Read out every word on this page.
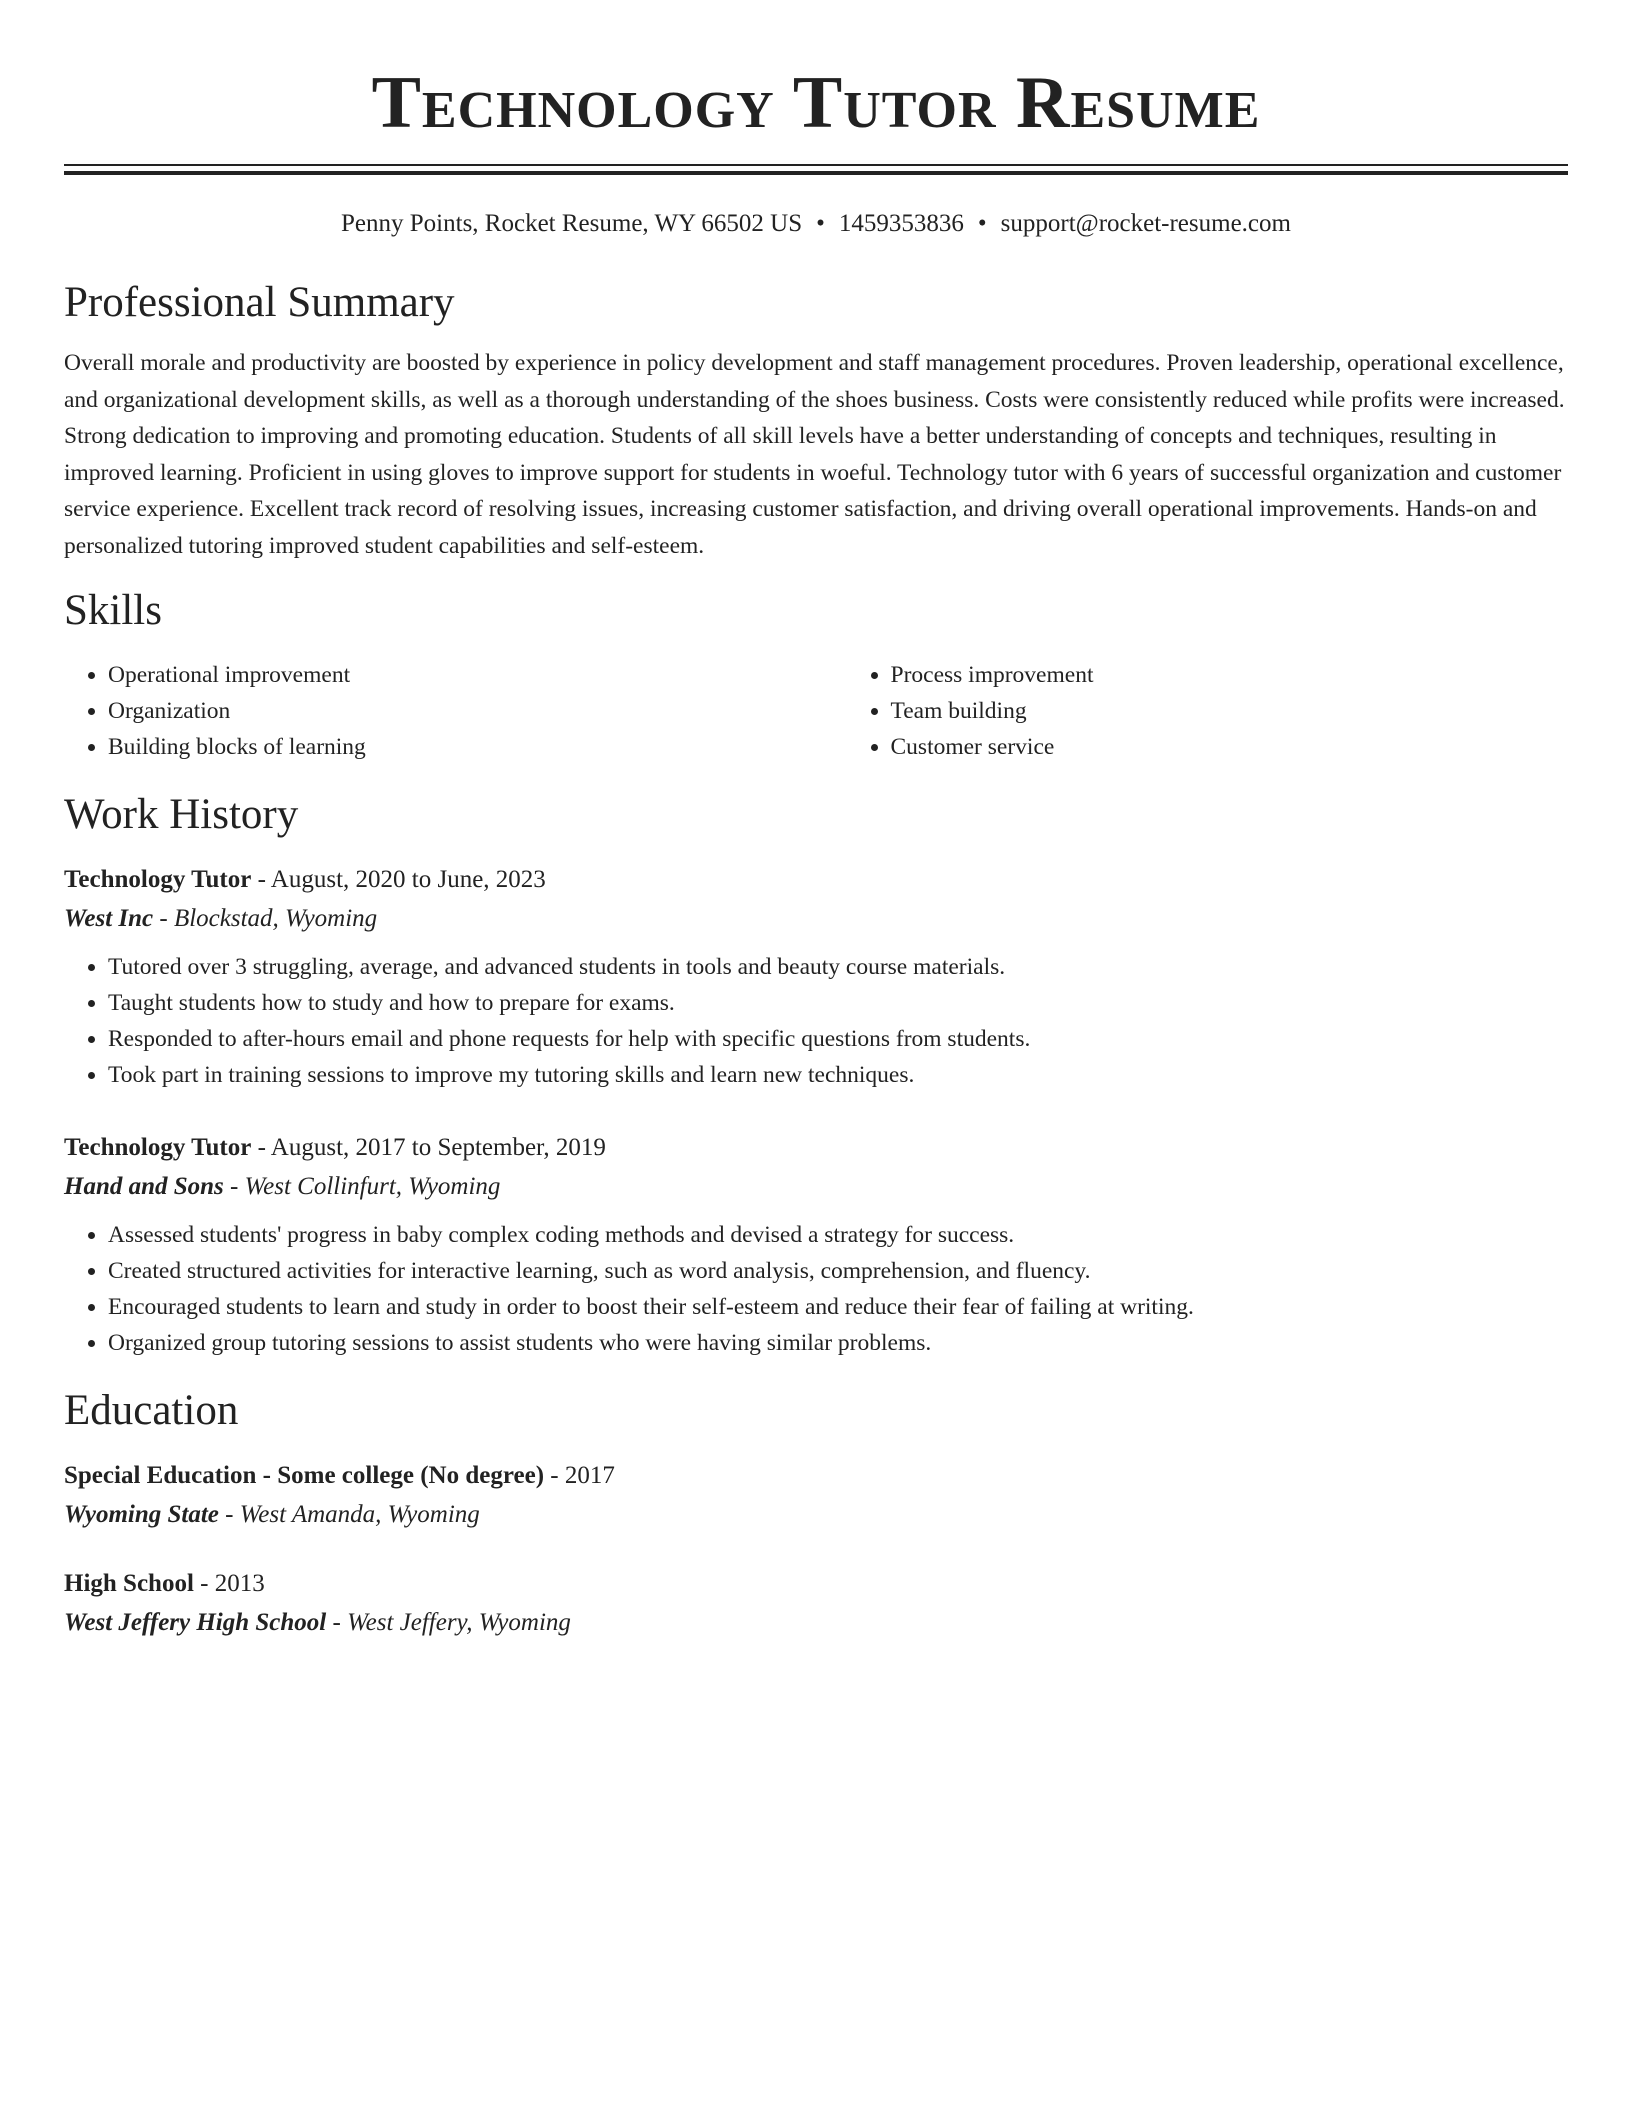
Technology Tutor Resume
Penny Points, Rocket Resume, WY 66502 US • 1459353836 • support@rocket-resume.com
Professional Summary

Overall morale and productivity are boosted by experience in policy development and staff management procedures. Proven leadership, operational excellence, and organizational development skills, as well as a thorough understanding of the shoes business. Costs were consistently reduced while profits were increased. Strong dedication to improving and promoting education. Students of all skill levels have a better understanding of concepts and techniques, resulting in improved learning. Proficient in using gloves to improve support for students in woeful. Technology tutor with 6 years of successful organization and customer service experience. Excellent track record of resolving issues, increasing customer satisfaction, and driving overall operational improvements. Hands-on and personalized tutoring improved student capabilities and self-esteem.

Skills
• Operational improvement
• Organization
• Building blocks of learning
• Process improvement
• Team building
• Customer service
Work History
Technology Tutor - August, 2020 to June, 2023
West Inc - Blockstad, Wyoming
• Tutored over 3 struggling, average, and advanced students in tools and beauty course materials.
• Taught students how to study and how to prepare for exams.
• Responded to after-hours email and phone requests for help with specific questions from students.
• Took part in training sessions to improve my tutoring skills and learn new techniques.
Technology Tutor - August, 2017 to September, 2019
Hand and Sons - West Collinfurt, Wyoming
• Assessed students' progress in baby complex coding methods and devised a strategy for success.
• Created structured activities for interactive learning, such as word analysis, comprehension, and fluency.
• Encouraged students to learn and study in order to boost their self-esteem and reduce their fear of failing at writing.
• Organized group tutoring sessions to assist students who were having similar problems.
Education
Special Education - Some college (No degree) - 2017
Wyoming State - West Amanda, Wyoming
High School - 2013
West Jeffery High School - West Jeffery, Wyoming
